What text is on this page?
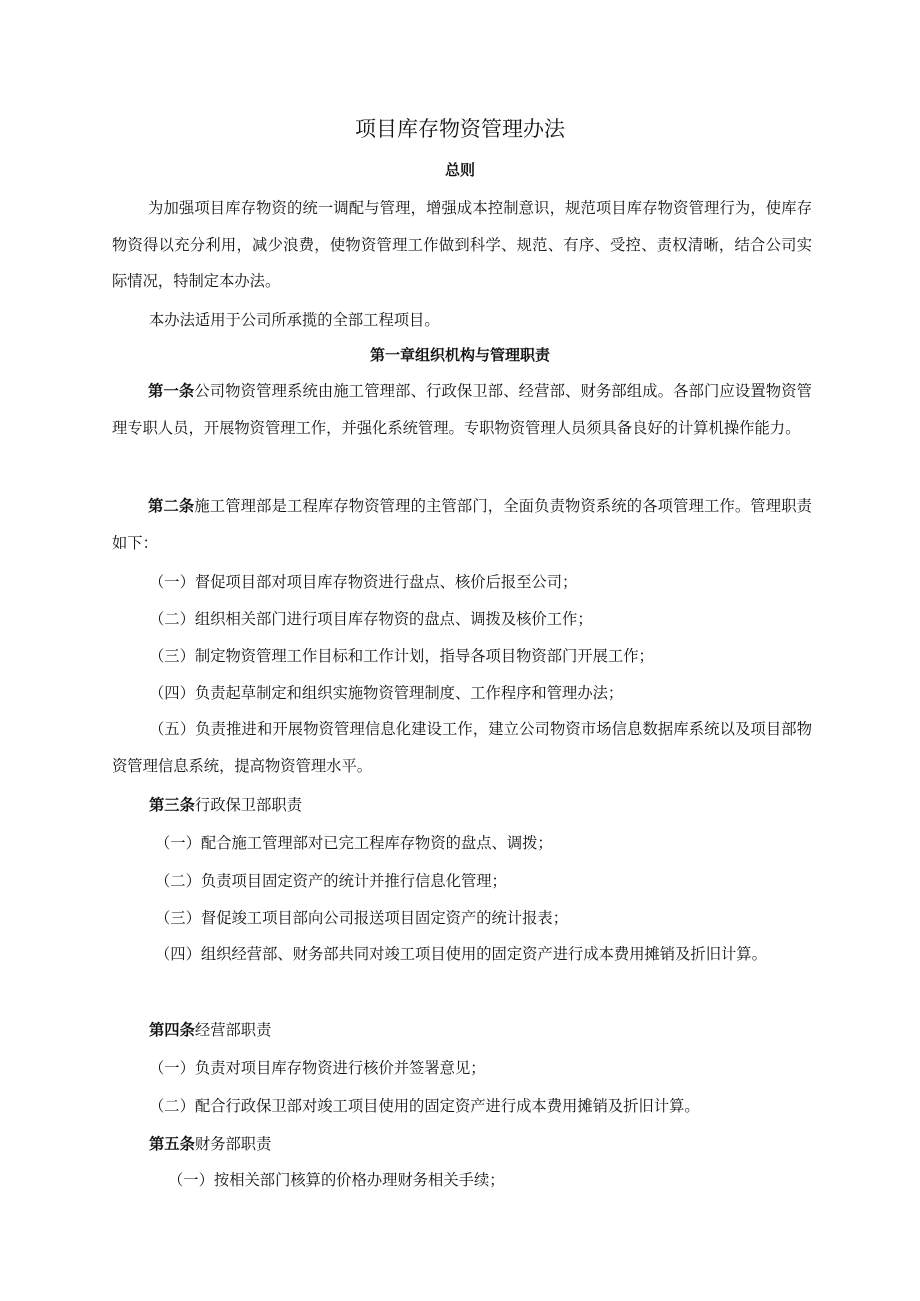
项目库存物资管理办法
总则

为加强项目库存物资的统一调配与管理，增强成本控制意识，规范项目库存物资管理行为，使库存物资得以充分利用，减少浪费，使物资管理工作做到科学、规范、有序、受控、责权清晰，结合公司实际情况，特制定本办法。

本办法适用于公司所承揽的全部工程项目。

第一章组织机构与管理职责

第一条公司物资管理系统由施工管理部、行政保卫部、经营部、财务部组成。各部门应设置物资管理专职人员，开展物资管理工作，并强化系统管理。专职物资管理人员须具备良好的计算机操作能力。

第二条施工管理部是工程库存物资管理的主管部门，全面负责物资系统的各项管理工作。管理职责如下：

（一）督促项目部对项目库存物资进行盘点、核价后报至公司；

（二）组织相关部门进行项目库存物资的盘点、调拨及核价工作；

（三）制定物资管理工作目标和工作计划，指导各项目物资部门开展工作；

（四）负责起草制定和组织实施物资管理制度、工作程序和管理办法；

（五）负责推进和开展物资管理信息化建设工作，建立公司物资市场信息数据库系统以及项目部物资管理信息系统，提高物资管理水平。

第三条行政保卫部职责

（一）配合施工管理部对已完工程库存物资的盘点、调拨；

（二）负责项目固定资产的统计并推行信息化管理；

（三）督促竣工项目部向公司报送项目固定资产的统计报表；

（四）组织经营部、财务部共同对竣工项目使用的固定资产进行成本费用摊销及折旧计算。

第四条经营部职责

（一）负责对项目库存物资进行核价并签署意见；

（二）配合行政保卫部对竣工项目使用的固定资产进行成本费用摊销及折旧计算。

第五条财务部职责

（一）按相关部门核算的价格办理财务相关手续；
